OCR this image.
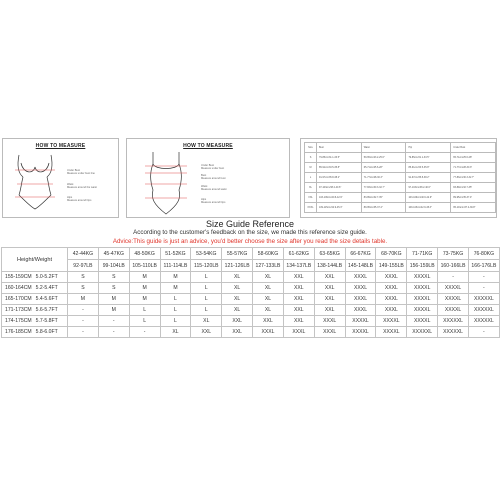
HOW TO MEASURE
Under Bust
Measure under bust line
Waist
Measure around the waist
Hips
Measure around hips
HOW TO MEASURE
Under Bust
Measure under bust
Bust
Measure around bust
Waist
Measure around waist
Hips
Measure around hips
Size	Bust	Waist	Hip	Under Bust
S	79-85cm/31.1-33.5"	59-65cm/23.2-25.6"	79-85cm/31.1-33.5"	65-71cm/25.6-28"
M	85-91cm/33.5-35.8"	65-71cm/25.6-28"	85-91cm/33.5-35.8"	71-77cm/28-30.3"
L	91-97cm/35.8-38.2"	71-77cm/28-30.3"	91-97cm/35.8-38.2"	77-83cm/30.3-32.7"
XL	97-103cm/38.2-40.6"	77-83cm/30.3-32.7"	97-103cm/38.2-40.6"	83-89cm/32.7-35"
XXL	103-109cm/40.6-42.9"	83-89cm/32.7-35"	103-109cm/40.6-42.9"	89-95cm/35-37.4"
XXXL	109-115cm/42.9-45.3"	89-95cm/35-37.4"	109-115cm/42.9-45.3"	95-101cm/37.4-39.8"
Size Guide Reference
According to the customer's feedback on the size, we made this reference size guide.
Advice:This guide is just an advice, you'd better choose the size after you read the size details table.
Height/Weight	42-44KG	45-47KG	48-50KG	51-52KG	53-54KG	55-57KG	58-60KG	61-62KG	63-65KG	66-67KG	68-70KG	71-71KG	73-75KG	76-80KG
	92-97LB	99-104LB	105-110LB	111-114LB	115-120LB	121-126LB	127-133LB	134-137LB	138-144LB	145-148LB	149-155LB	156-159LB	160-166LB	166-176LB
155-159CM 5.0-5.2FT	S	S	M	M	L	XL	XL	XXL	XXL	XXXL	XXXL	XXXXL	-	-
160-164CM 5.2-5.4FT	S	S	M	M	L	XL	XL	XXL	XXL	XXXL	XXXL	XXXXL	XXXXL	-
165-170CM 5.4-5.6FT	M	M	M	L	L	XL	XL	XXL	XXL	XXXL	XXXL	XXXXL	XXXXL	XXXXXL
171-173CM 5.6-5.7FT	-	M	L	L	L	XL	XL	XXL	XXL	XXXL	XXXL	XXXXL	XXXXL	XXXXXL
174-175CM 5.7-5.8FT	-	-	L	L	XL	XXL	XXL	XXL	XXXL	XXXXL	XXXXL	XXXXL	XXXXXL	XXXXXL
176-185CM 5.8-6.0FT	-	-	-	XL	XXL	XXL	XXXL	XXXL	XXXL	XXXXL	XXXXL	XXXXXL	XXXXXL	-
